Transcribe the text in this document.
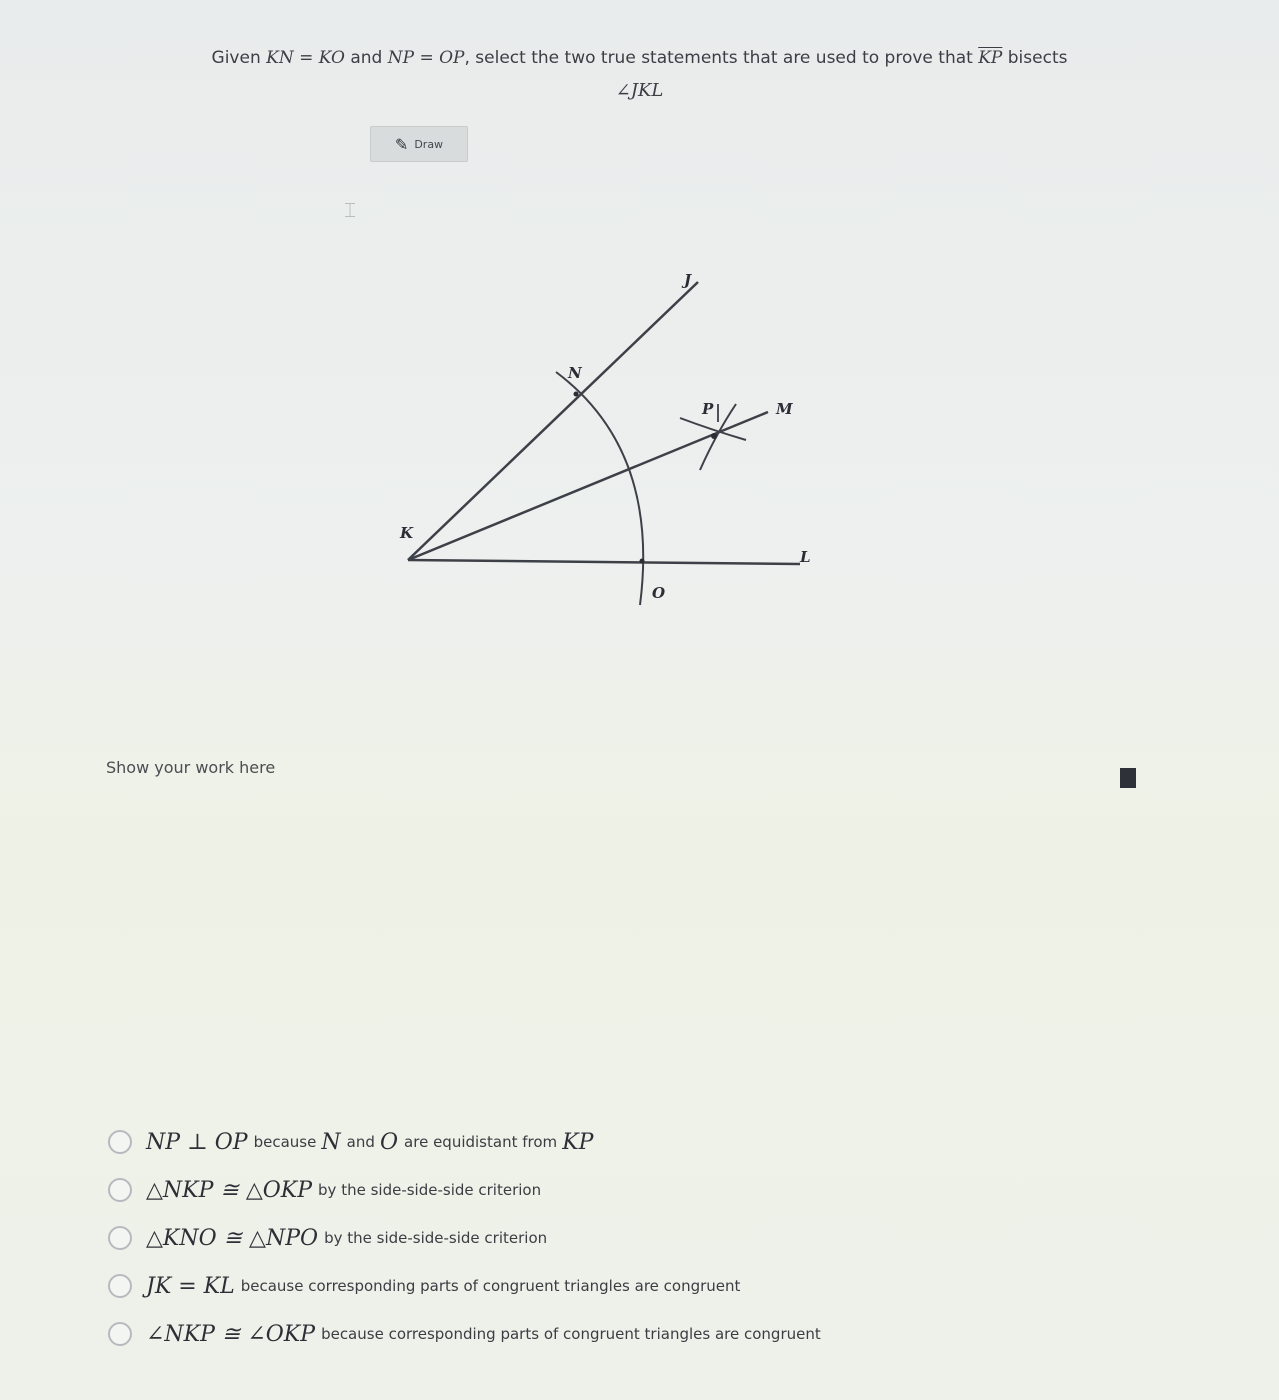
Given KN = KO and NP = OP, select the two true statements that are used to prove that $\overline{KP}$ bisects
∠JKL
✎ Draw
⌶
J
N
P	M
K
L
O
Show your work here
NP ⊥ OP because
N and
O are equidistant from
KP
△NKP ≅ △OKP by the side-side-side criterion
△KNO ≅ △NPO by the side-side-side criterion
JK = KL because corresponding parts of congruent triangles are congruent
∠NKP ≅ ∠OKP because corresponding parts of congruent triangles are congruent
